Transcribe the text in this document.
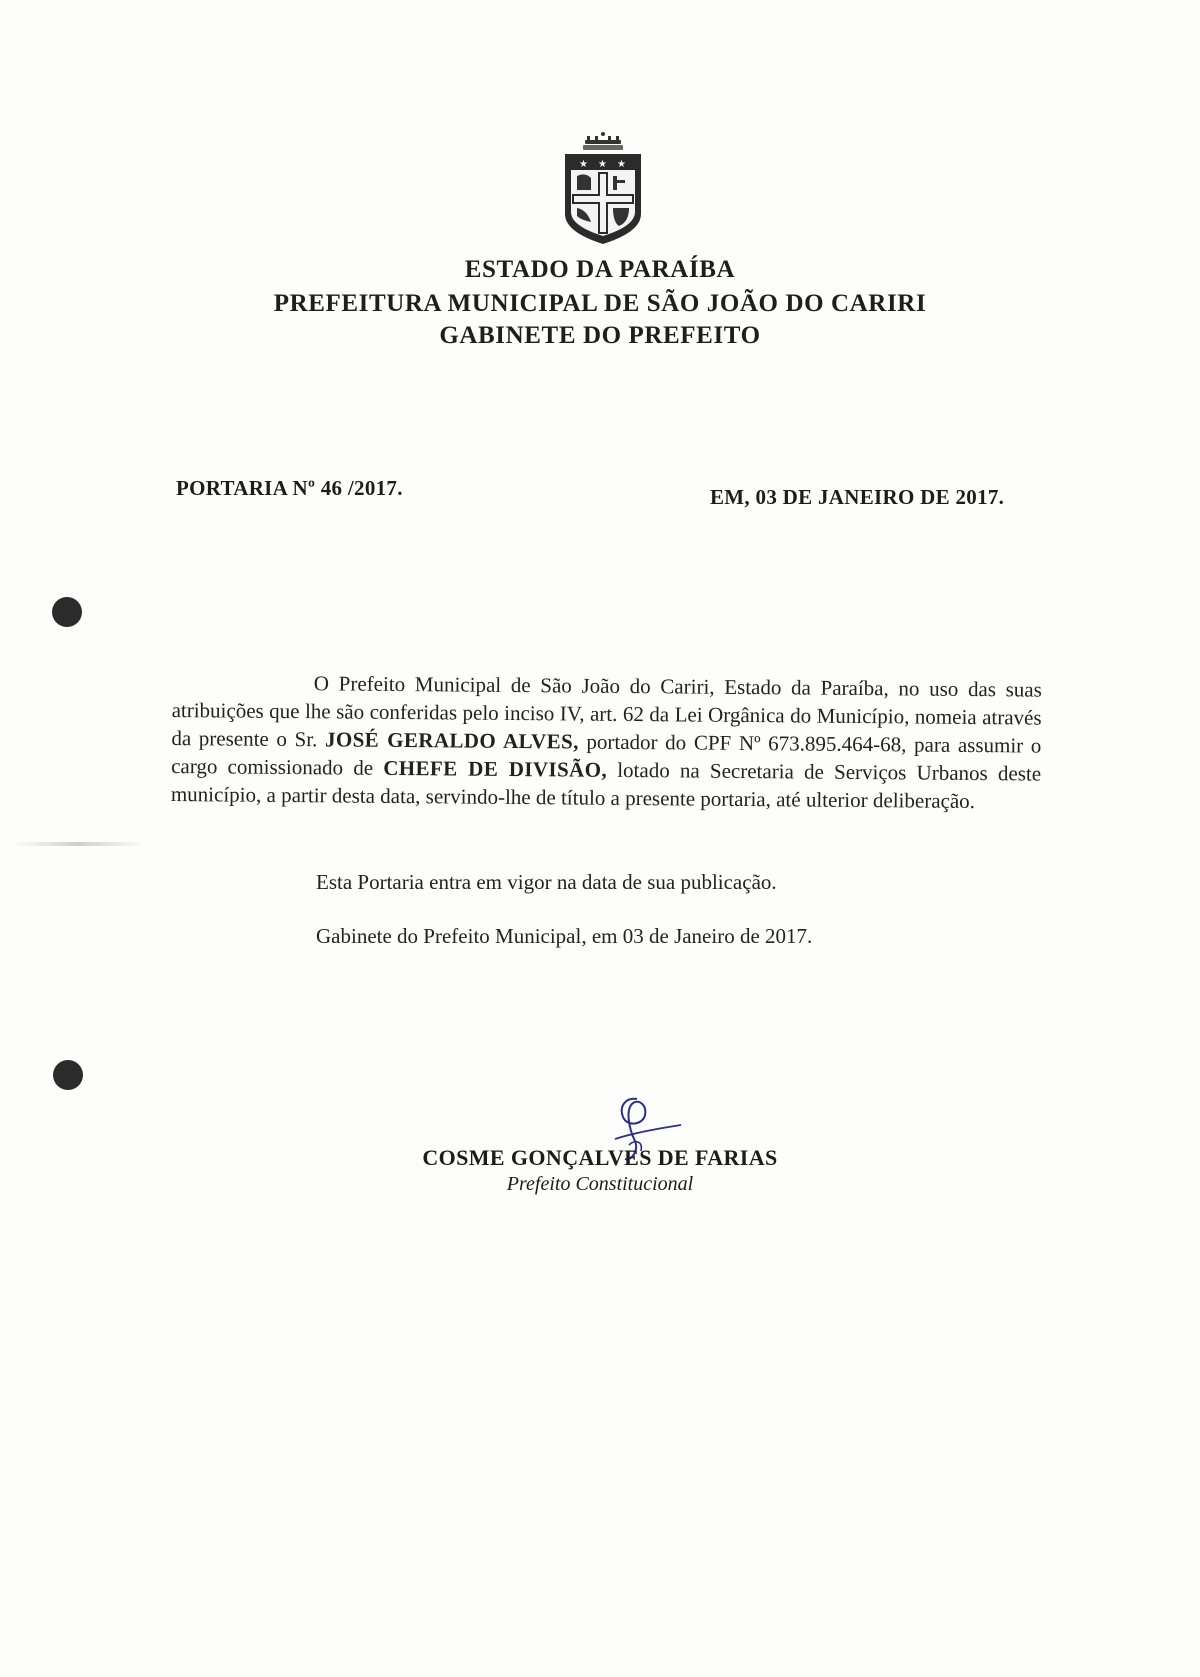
★ ★ ★
ESTADO DA PARAÍBA
PREFEITURA MUNICIPAL DE SÃO JOÃO DO CARIRI
GABINETE DO PREFEITO
PORTARIA Nº 46 /2017.	EM, 03 DE JANEIRO DE 2017.
O Prefeito Municipal de São João do Cariri, Estado da Paraíba, no uso das suas atribuições que lhe são conferidas pelo inciso IV, art. 62 da Lei Orgânica do Município, nomeia através da presente o Sr. JOSÉ GERALDO ALVES, portador do CPF Nº 673.895.464-68, para assumir o cargo comissionado de CHEFE DE DIVISÃO, lotado na Secretaria de Serviços Urbanos deste município, a partir desta data, servindo-lhe de título a presente portaria, até ulterior deliberação.
Esta Portaria entra em vigor na data de sua publicação.
Gabinete do Prefeito Municipal, em 03 de Janeiro de 2017.
COSME GONÇALVES DE FARIAS
Prefeito Constitucional
